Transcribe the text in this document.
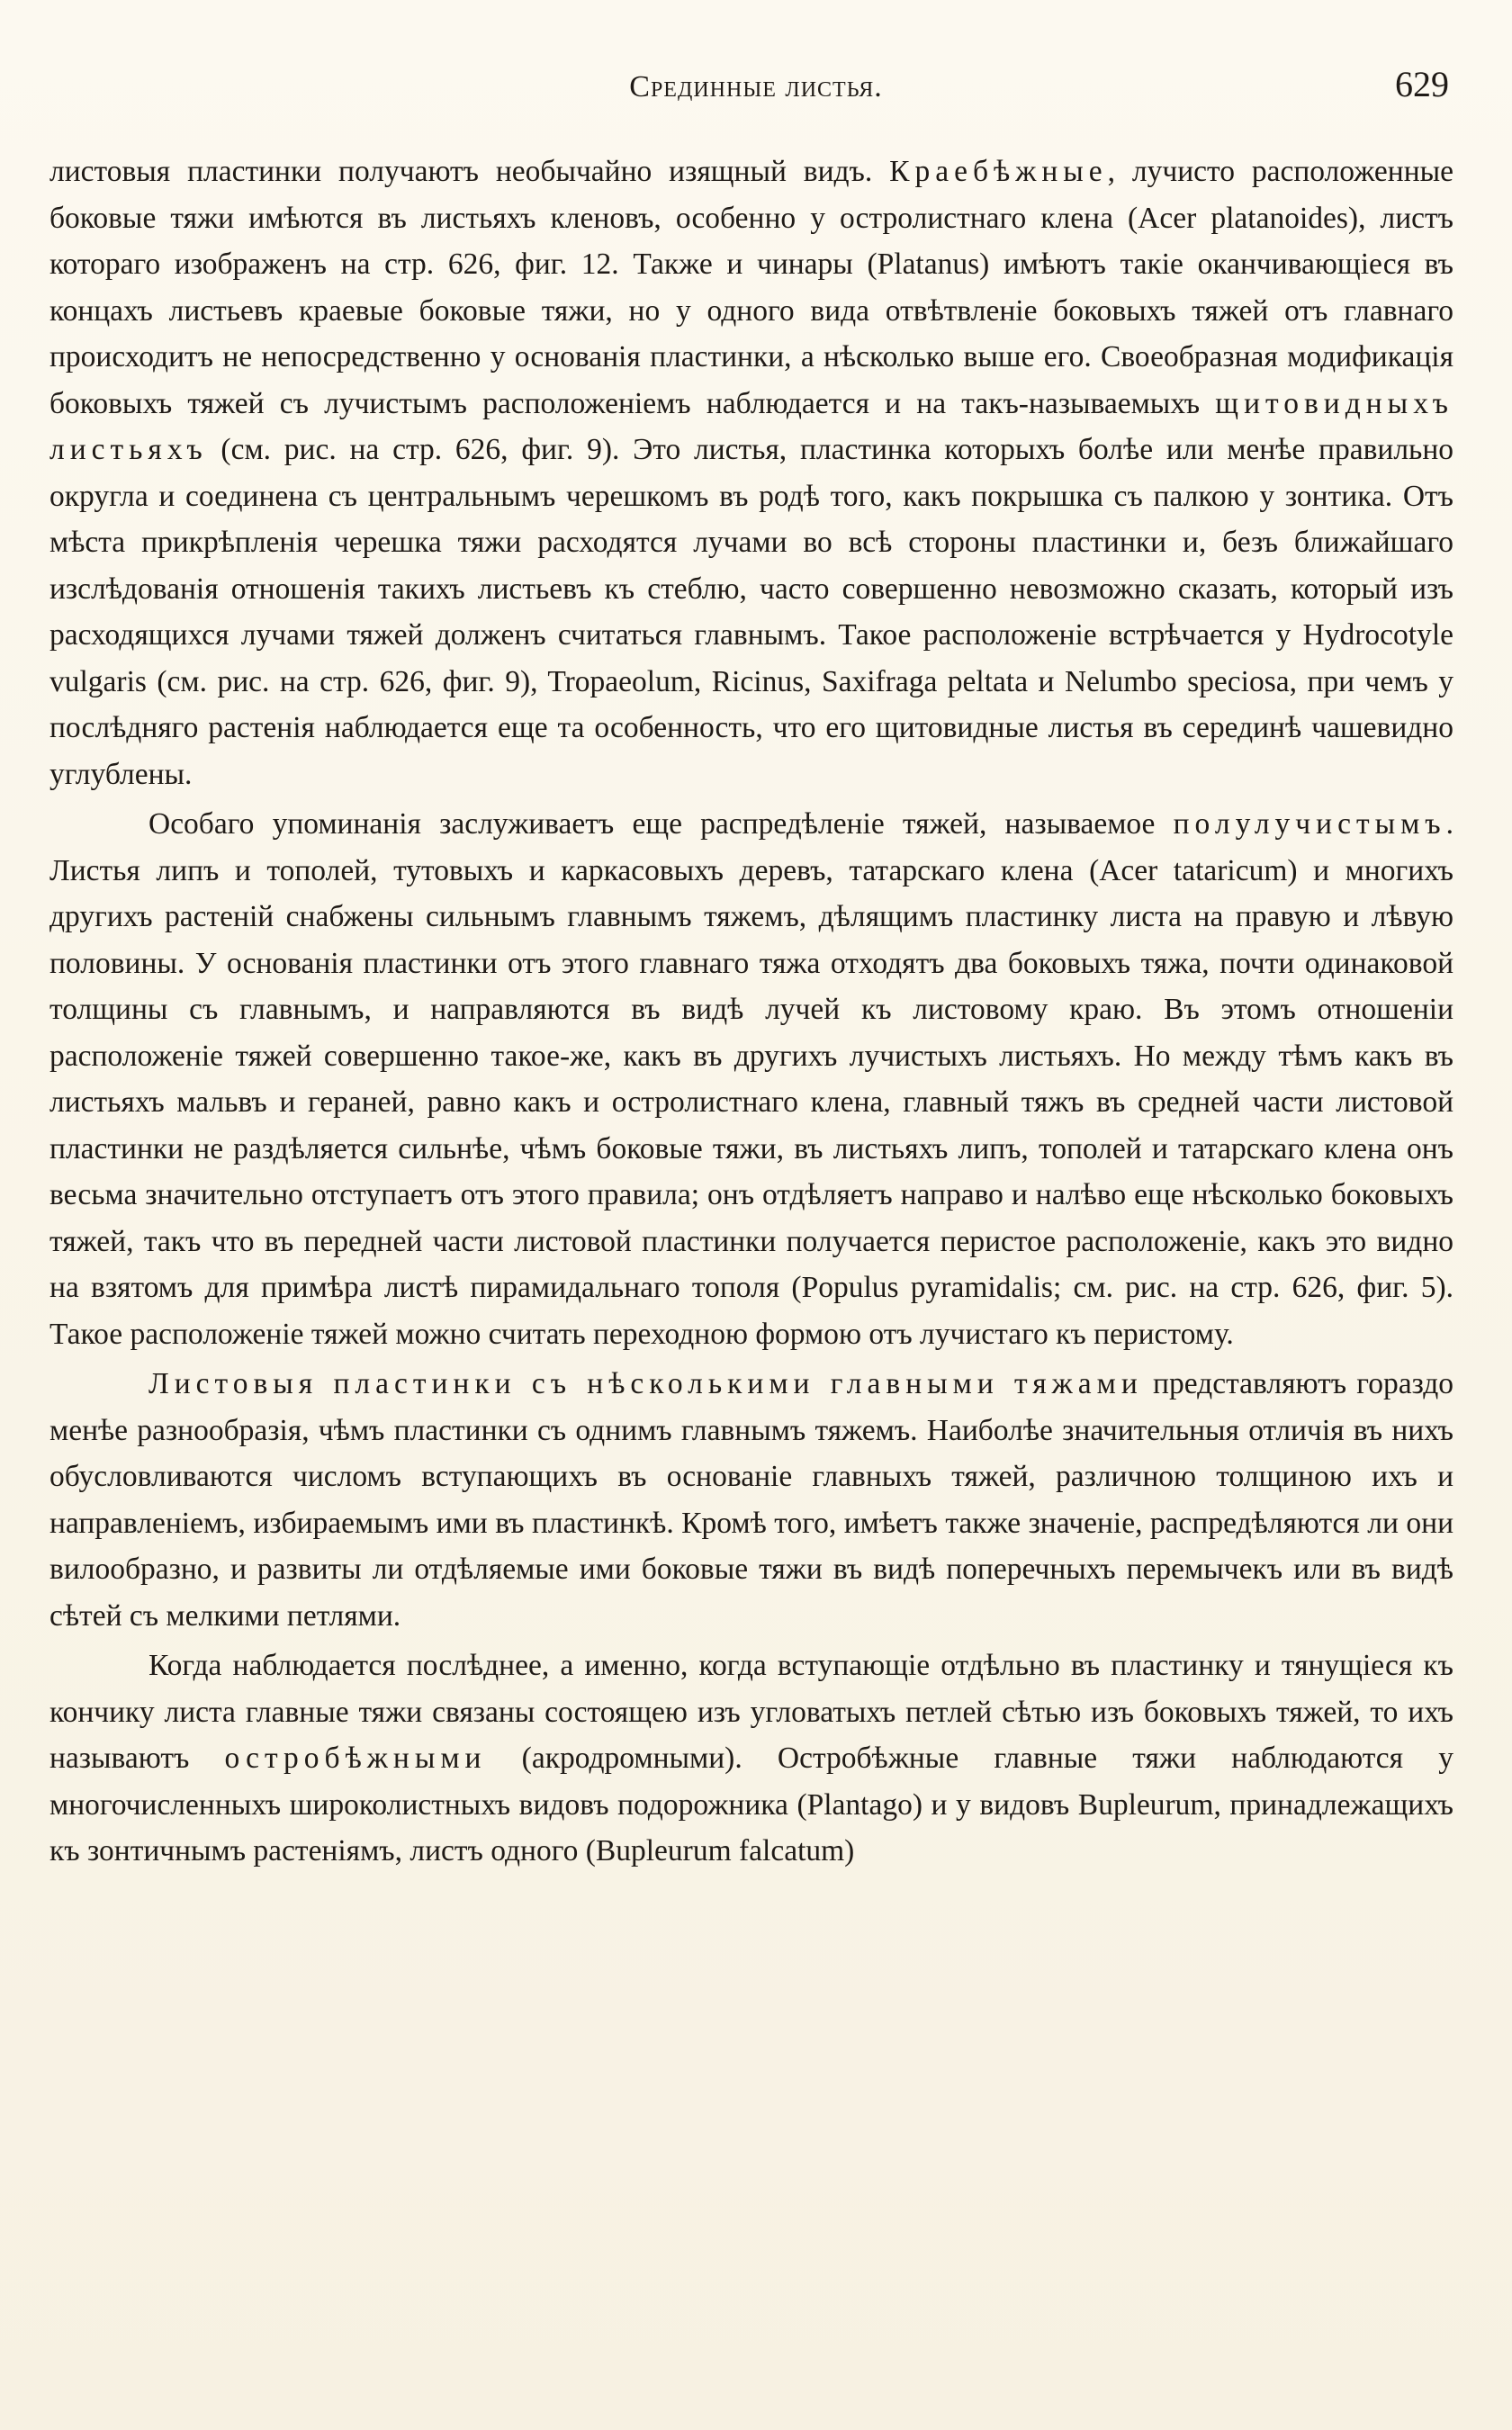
Срединные листья.	629

листовыя пластинки получаютъ необычайно изящный видъ. Краебѣжные, лучисто расположенные боковые тяжи имѣются въ листьяхъ кленовъ, особенно у остролистнаго клена (Acer platanoides), листъ котораго изображенъ на стр. 626, фиг. 12. Также и чинары (Platanus) имѣютъ такіе оканчивающіеся въ концахъ листьевъ краевые боковые тяжи, но у одного вида отвѣтвленіе боковыхъ тяжей отъ главнаго происходитъ не непосредственно у основанія пластинки, а нѣсколько выше его. Своеобразная модификація боковыхъ тяжей съ лучистымъ расположеніемъ наблюдается и на такъ-называемыхъ щитовидныхъ листьяхъ (см. рис. на стр. 626, фиг. 9). Это листья, пластинка которыхъ болѣе или менѣе правильно округла и соединена съ центральнымъ черешкомъ въ родѣ того, какъ покрышка съ палкою у зонтика. Отъ мѣста прикрѣпленія черешка тяжи расходятся лучами во всѣ стороны пластинки и, безъ ближайшаго изслѣдованія отношенія такихъ листьевъ къ стеблю, часто совершенно невозможно сказать, который изъ расходящихся лучами тяжей долженъ считаться главнымъ. Такое расположеніе встрѣчается у Hydrocotyle vulgaris (см. рис. на стр. 626, фиг. 9), Tropaeolum, Ricinus, Saxifraga peltata и Nelumbo speciosa, при чемъ у послѣдняго растенія наблюдается еще та особенность, что его щитовидные листья въ серединѣ чашевидно углублены.

Особаго упоминанія заслуживаетъ еще распредѣленіе тяжей, называемое полулучистымъ. Листья липъ и тополей, тутовыхъ и каркасовыхъ деревъ, татарскаго клена (Acer tataricum) и многихъ другихъ растеній снабжены сильнымъ главнымъ тяжемъ, дѣлящимъ пластинку листа на правую и лѣвую половины. У основанія пластинки отъ этого главнаго тяжа отходятъ два боковыхъ тяжа, почти одинаковой толщины съ главнымъ, и направляются въ видѣ лучей къ листовому краю. Въ этомъ отношеніи расположеніе тяжей совершенно такое-же, какъ въ другихъ лучистыхъ листьяхъ. Но между тѣмъ какъ въ листьяхъ мальвъ и гераней, равно какъ и остролистнаго клена, главный тяжъ въ средней части листовой пластинки не раздѣляется сильнѣе, чѣмъ боковые тяжи, въ листьяхъ липъ, тополей и татарскаго клена онъ весьма значительно отступаетъ отъ этого правила; онъ отдѣляетъ направо и налѣво еще нѣсколько боковыхъ тяжей, такъ что въ передней части листовой пластинки получается перистое расположеніе, какъ это видно на взятомъ для примѣра листѣ пирамидальнаго тополя (Populus pyramidalis; см. рис. на стр. 626, фиг. 5). Такое расположеніе тяжей можно считать переходною формою отъ лучистаго къ перистому.

Листовыя пластинки съ нѣсколькими главными тяжами представляютъ гораздо менѣе разнообразія, чѣмъ пластинки съ однимъ главнымъ тяжемъ. Наиболѣе значительныя отличія въ нихъ обусловливаются числомъ вступающихъ въ основаніе главныхъ тяжей, различною толщиною ихъ и направленіемъ, избираемымъ ими въ пластинкѣ. Кромѣ того, имѣетъ также значеніе, распредѣляются ли они вилообразно, и развиты ли отдѣляемые ими боковые тяжи въ видѣ поперечныхъ перемычекъ или въ видѣ сѣтей съ мелкими петлями.

Когда наблюдается послѣднее, а именно, когда вступающіе отдѣльно въ пластинку и тянущіеся къ кончику листа главные тяжи связаны состоящею изъ угловатыхъ петлей сѣтью изъ боковыхъ тяжей, то ихъ называютъ остробѣжными (акродромными). Остробѣжные главные тяжи наблюдаются у многочисленныхъ широколистныхъ видовъ подорожника (Plantago) и у видовъ Bupleurum, принадлежащихъ къ зонтичнымъ растеніямъ, листъ одного (Bupleurum falcatum)
